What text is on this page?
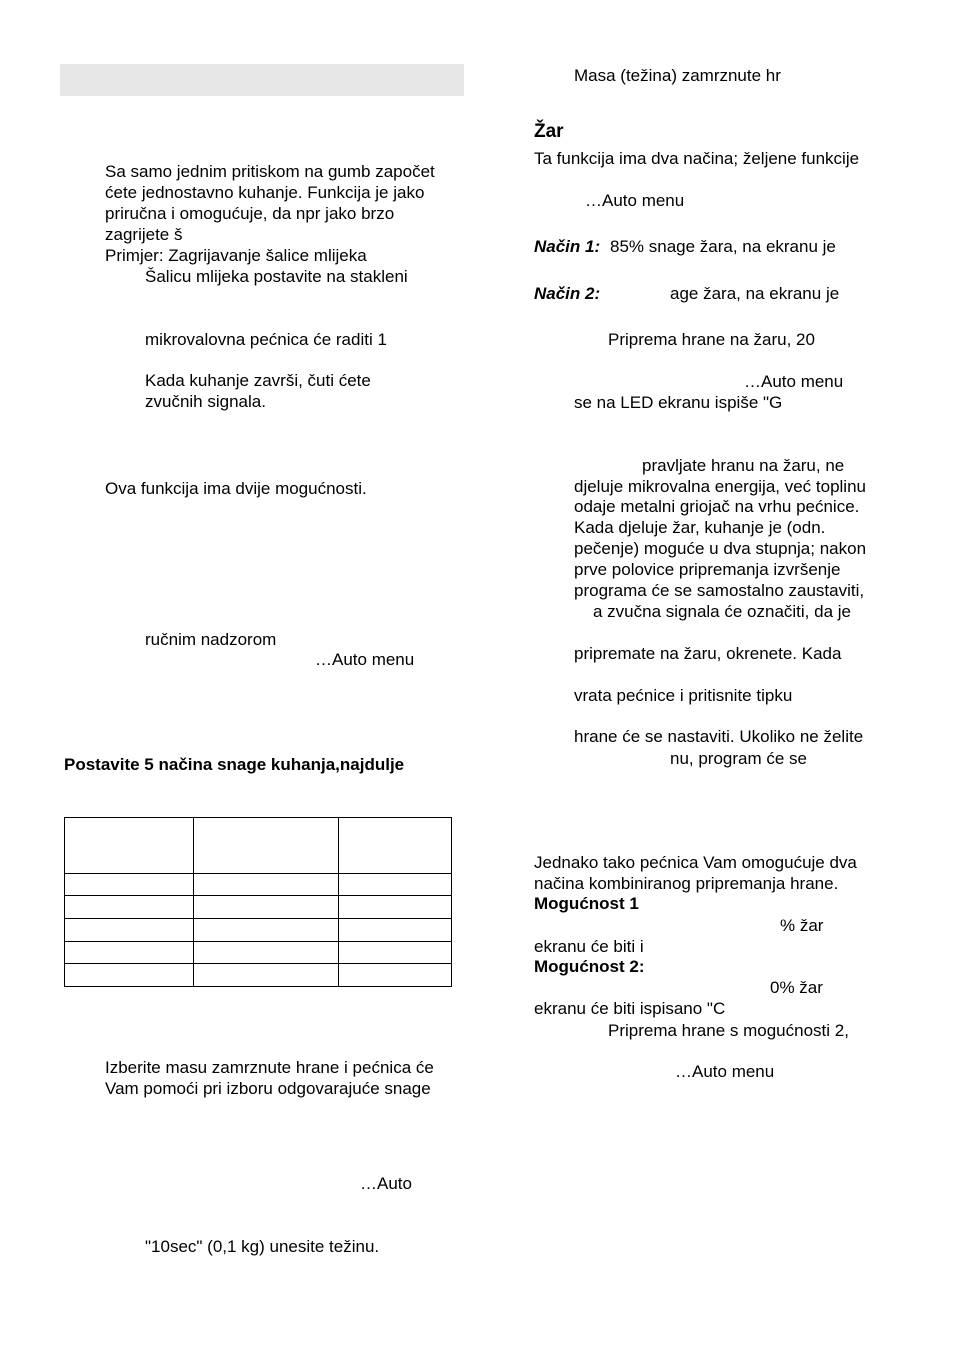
Sa samo jednim pritiskom na gumb započet
ćete jednostavno kuhanje. Funkcija je jako
priručna i omogućuje, da npr jako brzo
zagrijete š
Primjer: Zagrijavanje šalice mlijeka
Šalicu mlijeka postavite na stakleni
mikrovalovna pećnica će raditi 1
Kada kuhanje završi, čuti ćete
zvučnih signala.
Ova funkcija ima dvije mogućnosti.
ručnim nadzorom
…Auto menu
Postavite 5 načina snage kuhanja,najdulje

Izberite masu zamrznute hrane i pećnica će
Vam pomoći pri izboru odgovarajuće snage
…Auto
"10sec" (0,1 kg) unesite težinu.
Masa (težina) zamrznute hr
Žar
Ta funkcija ima dva načina; željene funkcije
…Auto menu
Način 1: 85% snage žara, na ekranu je
Način 2:	age žara, na ekranu je
Priprema hrane na žaru, 20
…Auto menu
se na LED ekranu ispiše "G
pravljate hranu na žaru, ne
djeluje mikrovalna energija, već toplinu
odaje metalni griojač na vrhu pećnice.
Kada djeluje žar, kuhanje je (odn.
pečenje) moguće u dva stupnja; nakon
prve polovice pripremanja izvršenje
programa će se samostalno zaustaviti,
a zvučna signala će označiti, da je
pripremate na žaru, okrenete. Kada
vrata pećnice i pritisnite tipku
hrane će se nastaviti. Ukoliko ne želite
nu, program će se
Jednako tako pećnica Vam omogućuje dva
načina kombiniranog pripremanja hrane.
Mogućnost 1
% žar
ekranu će biti i
Mogućnost 2:
0% žar
ekranu će biti ispisano "C
Priprema hrane s mogućnosti 2,
…Auto menu
